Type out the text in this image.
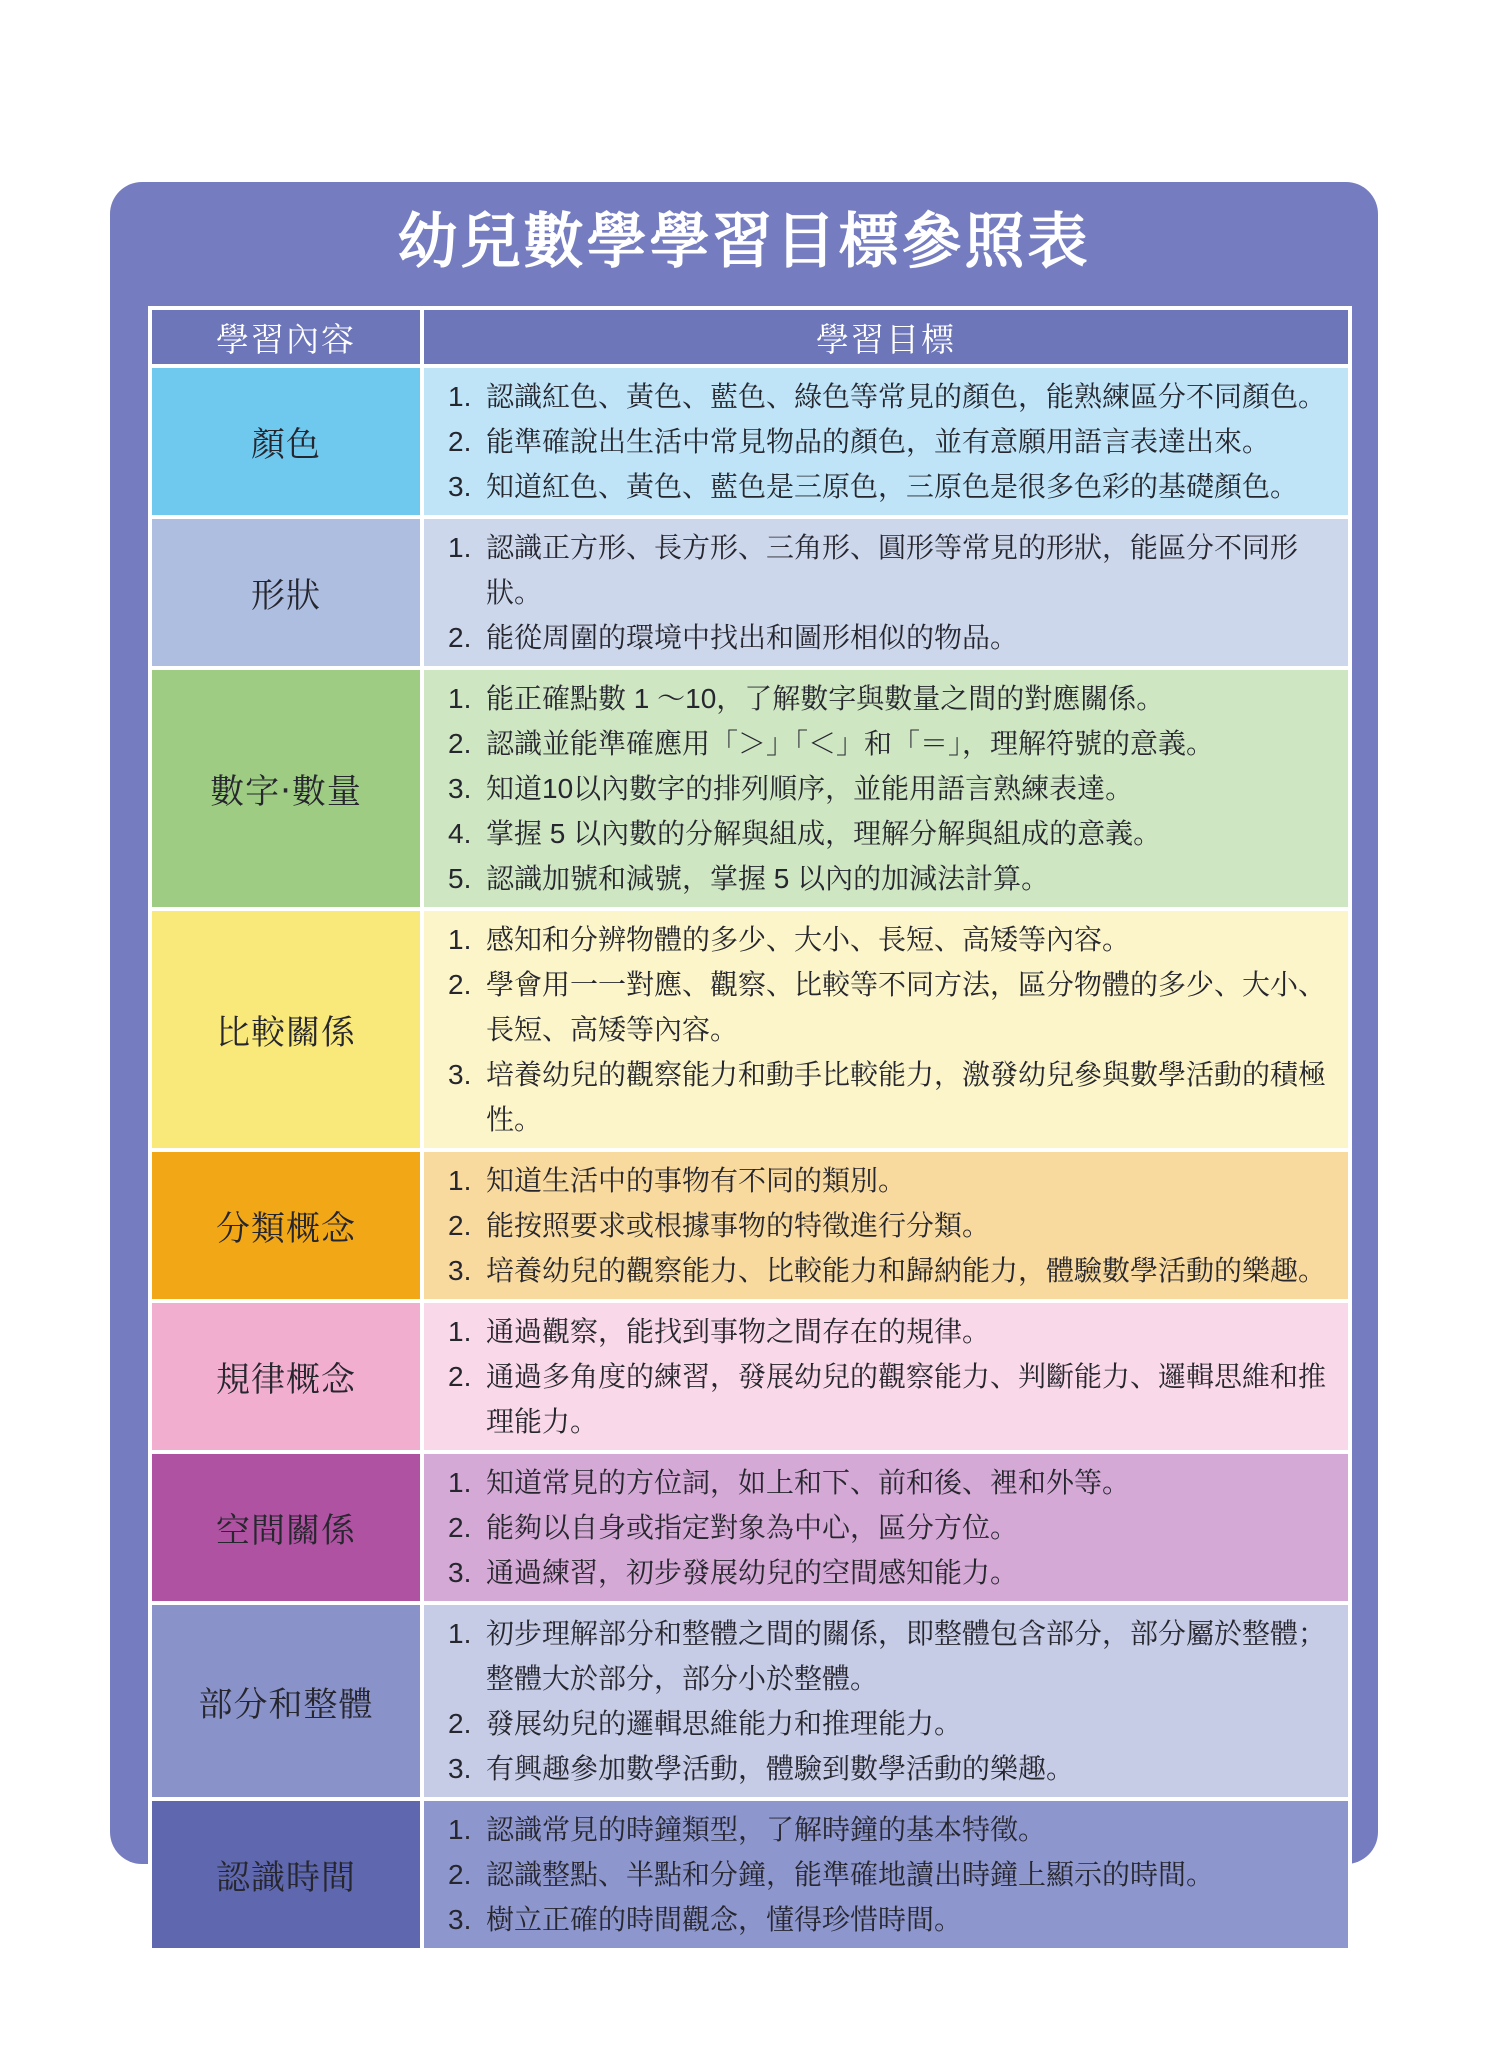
幼兒數學學習目標參照表
學習內容	學習目標
顏色	
1. 認識紅色、黃色、藍色、綠色等常見的顏色，能熟練區分不同顏色。
2. 能準確說出生活中常見物品的顏色，並有意願用語言表達出來。
3. 知道紅色、黃色、藍色是三原色，三原色是很多色彩的基礎顏色。

形狀	
1. 認識正方形、長方形、三角形、圓形等常見的形狀，能區分不同形狀。
2. 能從周圍的環境中找出和圖形相似的物品。

數字‧數量	
1. 能正確點數 1 ～10，了解數字與數量之間的對應關係。
2. 認識並能準確應用「＞」「＜」和「＝」，理解符號的意義。
3. 知道10以內數字的排列順序，並能用語言熟練表達。
4. 掌握 5 以內數的分解與組成，理解分解與組成的意義。
5. 認識加號和減號，掌握 5 以內的加減法計算。

比較關係	
1. 感知和分辨物體的多少、大小、長短、高矮等內容。
2. 學會用一一對應、觀察、比較等不同方法，區分物體的多少、大小、長短、高矮等內容。
3. 培養幼兒的觀察能力和動手比較能力，激發幼兒參與數學活動的積極性。

分類概念	
1. 知道生活中的事物有不同的類別。
2. 能按照要求或根據事物的特徵進行分類。
3. 培養幼兒的觀察能力、比較能力和歸納能力，體驗數學活動的樂趣。

規律概念	
1. 通過觀察，能找到事物之間存在的規律。
2. 通過多角度的練習，發展幼兒的觀察能力、判斷能力、邏輯思維和推理能力。

空間關係	
1. 知道常見的方位詞，如上和下、前和後、裡和外等。
2. 能夠以自身或指定對象為中心，區分方位。
3. 通過練習，初步發展幼兒的空間感知能力。

部分和整體	
1. 初步理解部分和整體之間的關係，即整體包含部分，部分屬於整體；整體大於部分，部分小於整體。
2. 發展幼兒的邏輯思維能力和推理能力。
3. 有興趣參加數學活動，體驗到數學活動的樂趣。

認識時間	
1. 認識常見的時鐘類型，了解時鐘的基本特徵。
2. 認識整點、半點和分鐘，能準確地讀出時鐘上顯示的時間。
3. 樹立正確的時間觀念，懂得珍惜時間。
